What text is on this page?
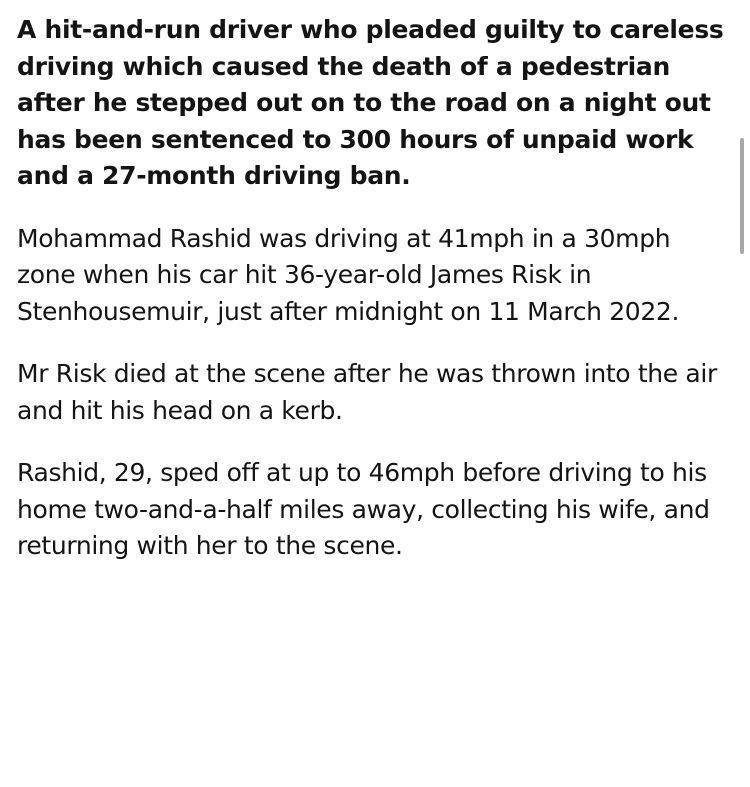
A hit-and-run driver who pleaded guilty to careless driving which caused the death of a pedestrian after he stepped out on to the road on a night out has been sentenced to 300 hours of unpaid work and a 27-month driving ban.

Mohammad Rashid was driving at 41mph in a 30mph zone when his car hit 36-year-old James Risk in Stenhousemuir, just after midnight on 11 March 2022.

Mr Risk died at the scene after he was thrown into the air and hit his head on a kerb.

Rashid, 29, sped off at up to 46mph before driving to his home two-and-a-half miles away, collecting his wife, and returning with her to the scene.
